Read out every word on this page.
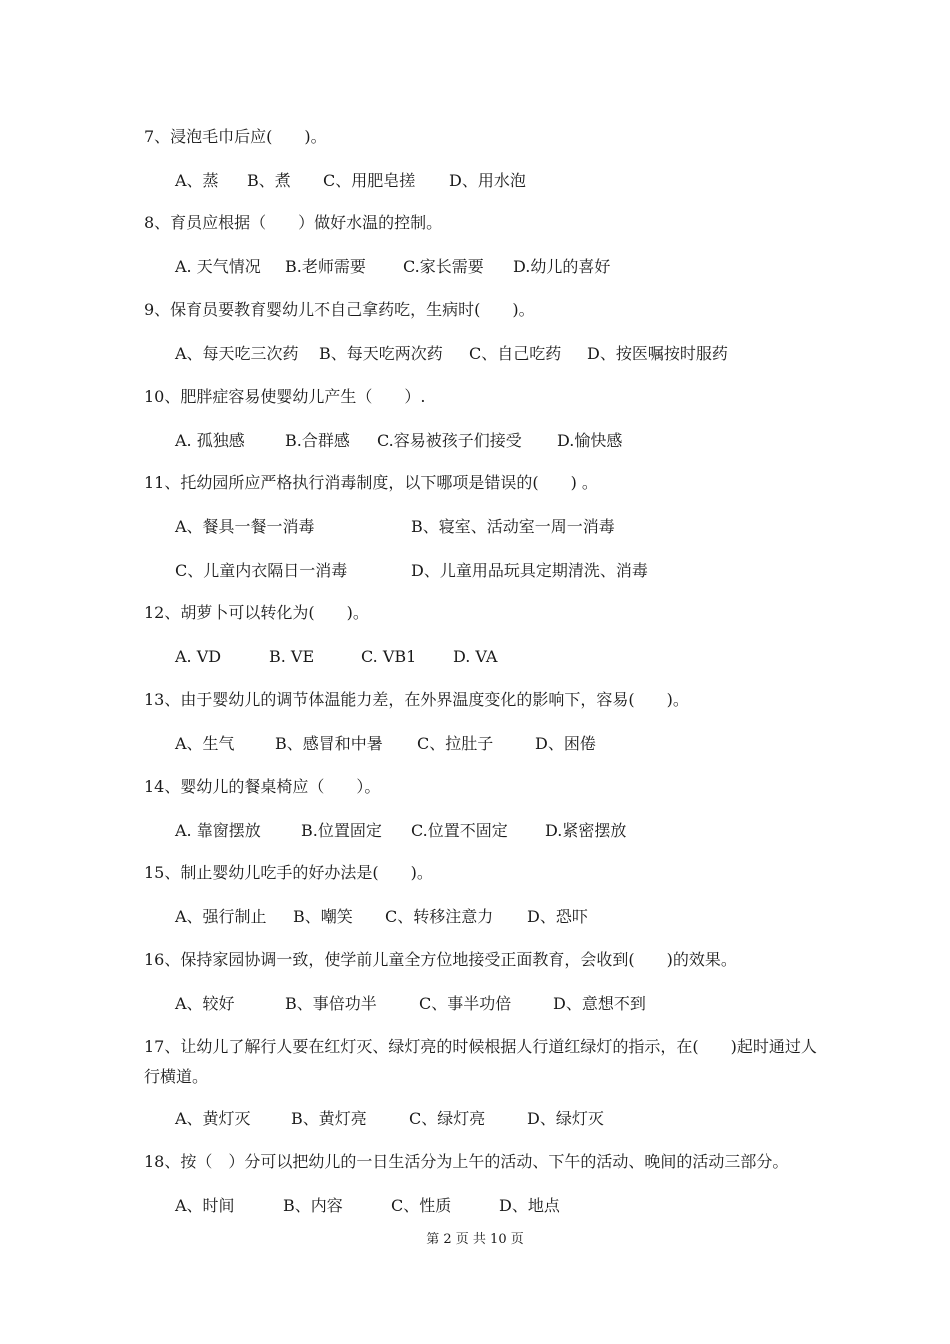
7、浸泡毛巾后应(　　)。
A、蒸 B、煮 C、用肥皂搓 D、用水泡
8、育员应根据（　　）做好水温的控制。
A. 天气情况 B.老师需要 C.家长需要 D.幼儿的喜好
9、保育员要教育婴幼儿不自己拿药吃，生病时(　　)。
A、每天吃三次药 B、每天吃两次药 C、自己吃药 D、按医嘱按时服药
10、肥胖症容易使婴幼儿产生（　　）.
A. 孤独感	B.合群感 C.容易被孩子们接受 D.愉快感
11、托幼园所应严格执行消毒制度，以下哪项是错误的(　　) 。
A、餐具一餐一消毒	B、寝室、活动室一周一消毒
C、儿童内衣隔日一消毒	D、儿童用品玩具定期清洗、消毒
12、胡萝卜可以转化为(　　)。
A. VD	B. VE	C. VB1 D. VA
13、由于婴幼儿的调节体温能力差，在外界温度变化的影响下，容易(　　)。
A、生气	B、感冒和中暑 C、拉肚子	D、困倦
14、婴幼儿的餐桌椅应（　　）。
A. 靠窗摆放	B.位置固定 C.位置不固定 D.紧密摆放
15、制止婴幼儿吃手的好办法是(　　)。
A、强行制止 B、嘲笑 C、转移注意力 D、恐吓
16、保持家园协调一致，使学前儿童全方位地接受正面教育，会收到(　　)的效果。
A、较好	B、事倍功半	C、事半功倍	D、意想不到
17、让幼儿了解行人要在红灯灭、绿灯亮的时候根据人行道红绿灯的指示，在(　　)起时通过人行横道。
A、黄灯灭	B、黄灯亮	C、绿灯亮	D、绿灯灭
18、按（　）分可以把幼儿的一日生活分为上午的活动、下午的活动、晚间的活动三部分。
A、时间	B、内容	C、性质	D、地点
第 2 页 共 10 页
